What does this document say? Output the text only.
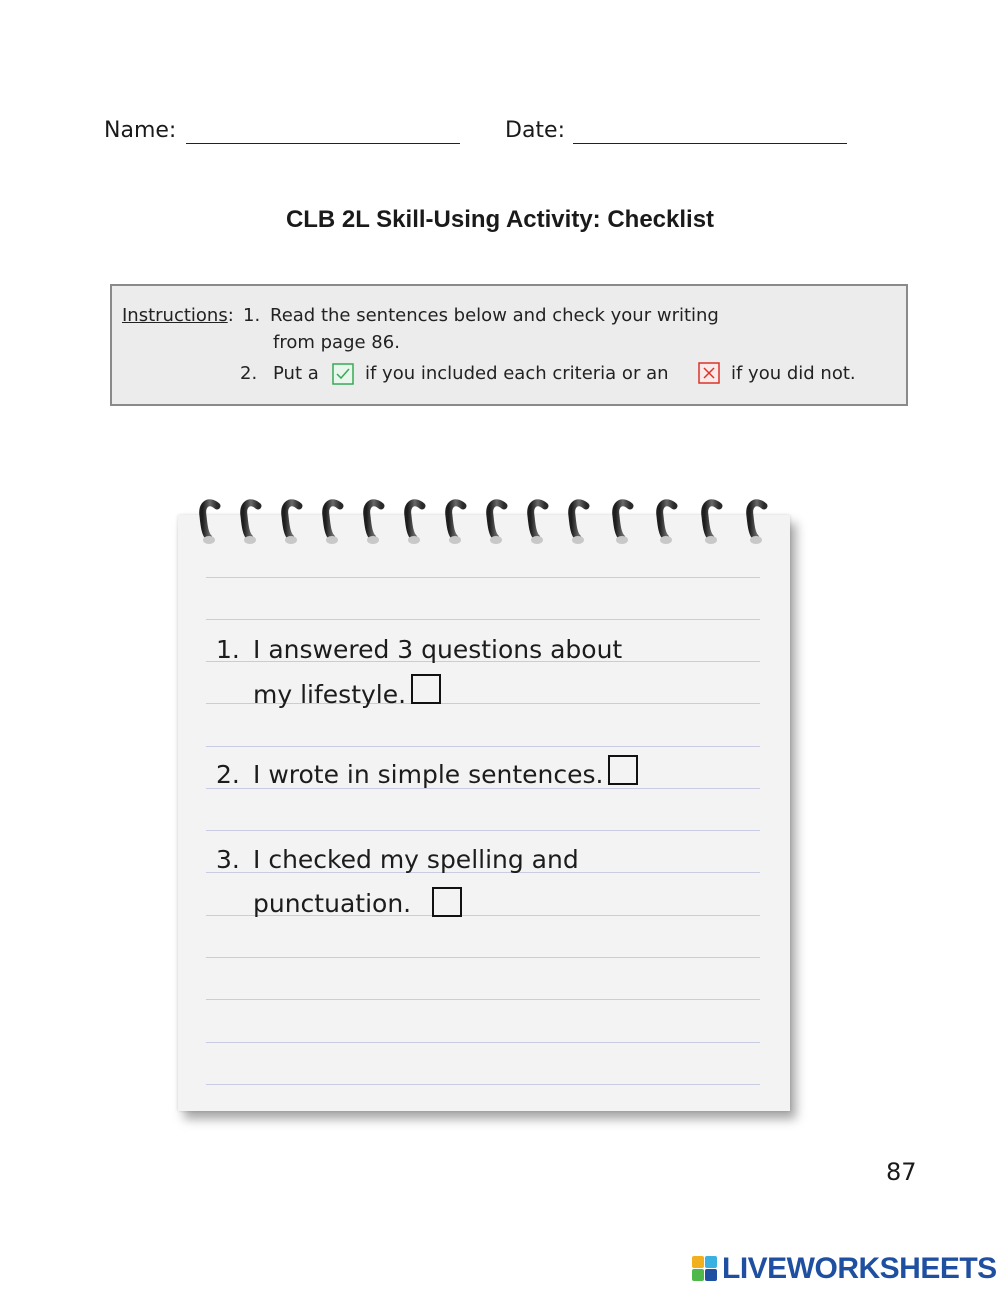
Name:	Date:
CLB 2L Skill-Using Activity: Checklist
Instructions: 1. Read the sentences below and check your writing
from page 86.
2. Put a	if you included each criteria or an	if you did not.
1. I answered 3 questions about
my lifestyle.
2. I wrote in simple sentences.
3. I checked my spelling and
punctuation.
87
LIVEWORKSHEETS
